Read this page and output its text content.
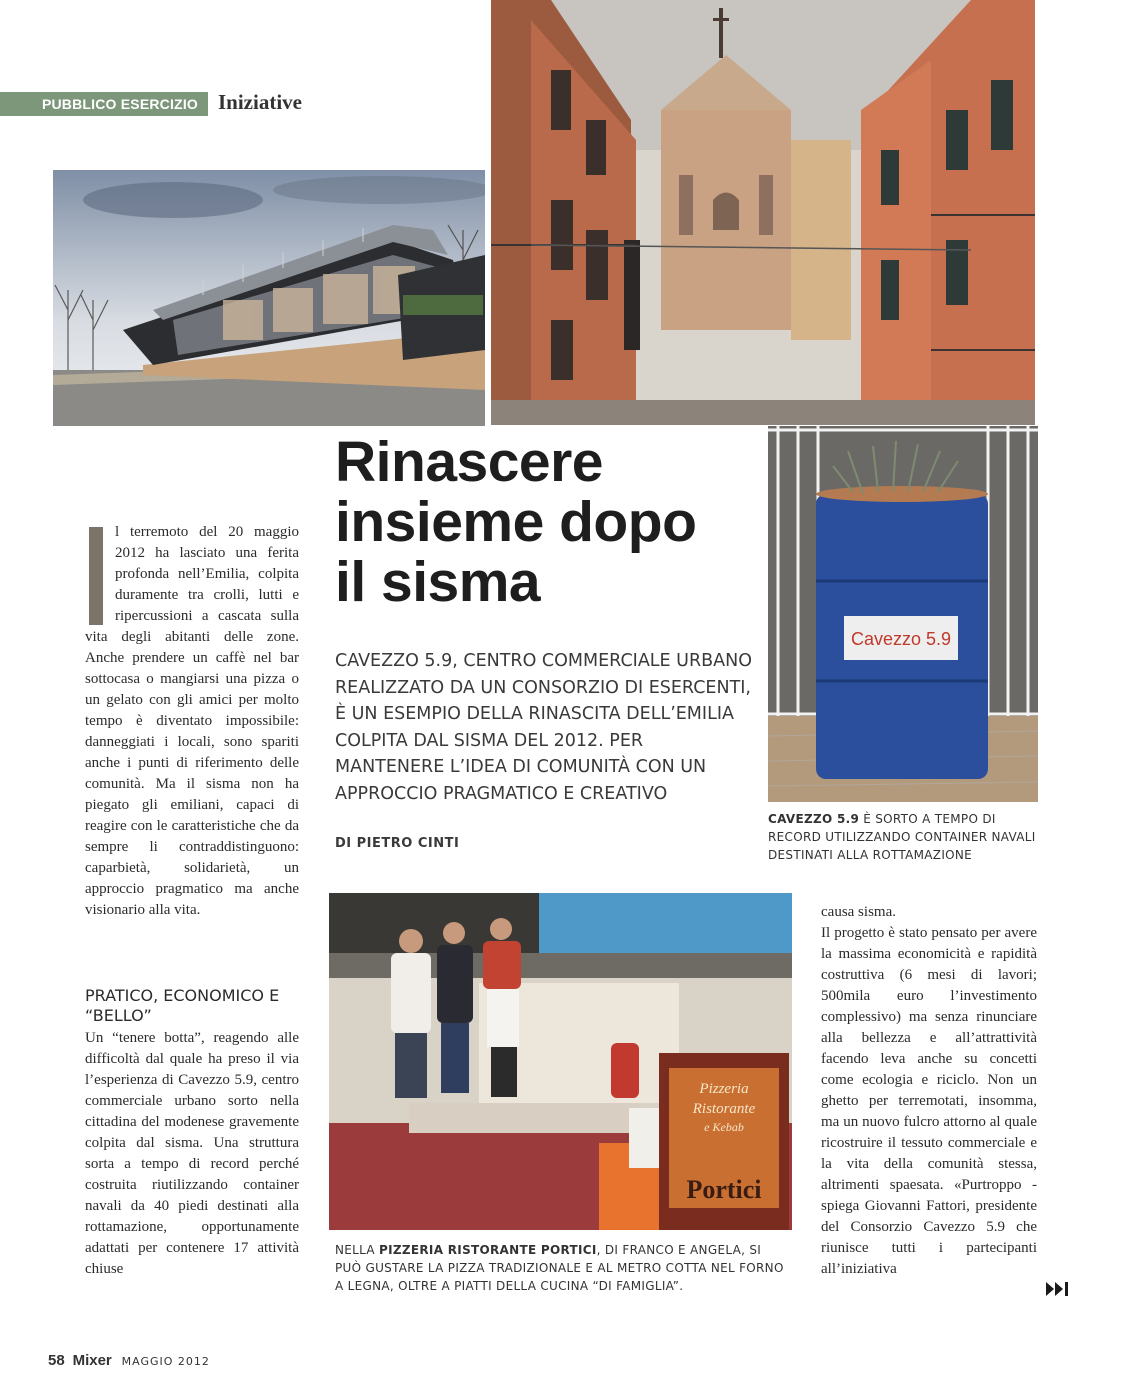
PUBBLICO ESERCIZIO Iniziative
Cavezzo 5.9
Pizzeria
Ristorante
e Kebab
Portici
Rinascere
insieme dopo
il sisma
CAVEZZO 5.9, CENTRO COMMERCIALE URBANO REALIZZATO DA UN CONSORZIO DI ESERCENTI, È UN ESEMPIO DELLA RINASCITA DELL’EMILIA COLPITA DAL SISMA DEL 2012. PER MANTENERE L’IDEA DI COMUNITÀ CON UN APPROCCIO PRAGMATICO E CREATIVO
DI PIETRO CINTI
l terremoto del 20 maggio 2012 ha lasciato una ferita profonda nell’Emilia, colpita duramente tra crolli, lutti e ripercussioni a cascata sulla vita degli abitanti delle zone. Anche prendere un caffè nel bar sottocasa o mangiarsi una pizza o un gelato con gli amici per molto tempo è diventato impossibile: danneggiati i locali, sono spariti anche i punti di riferimento delle comunità. Ma il sisma non ha piegato gli emiliani, capaci di reagire con le caratteristiche che da sempre li contraddistinguono: caparbietà, solidarietà, un approccio pragmatico ma anche visionario alla vita.
PRATICO, ECONOMICO E “BELLO”
Un “tenere botta”, reagendo alle difficoltà dal quale ha preso il via l’esperienza di Cavezzo 5.9, centro commerciale urbano sorto nella cittadina del modenese gravemente colpita dal sisma. Una struttura sorta a tempo di record perché costruita riutilizzando container navali da 40 piedi destinati alla rottamazione, opportunamente adattati per contenere 17 attività chiuse
CAVEZZO 5.9 È SORTO A TEMPO DI RECORD UTILIZZANDO CONTAINER NAVALI DESTINATI ALLA ROTTAMAZIONE
NELLA PIZZERIA RISTORANTE PORTICI, DI FRANCO E ANGELA, SI PUÒ GUSTARE LA PIZZA TRADIZIONALE E AL METRO COTTA NEL FORNO A LEGNA, OLTRE A PIATTI DELLA CUCINA “DI FAMIGLIA”.

causa sisma.

Il progetto è stato pensato per avere la massima economicità e rapidità costruttiva (6 mesi di lavori; 500mila euro l’investimento complessivo) ma senza rinunciare alla bellezza e all’attrattività facendo leva anche su concetti come ecologia e riciclo. Non un ghetto per terremotati, insomma, ma un nuovo fulcro attorno al quale ricostruire il tessuto commerciale e la vita della comunità stessa, altrimenti spaesata. «Purtroppo - spiega Giovanni Fattori, presidente del Consorzio Cavezzo 5.9 che riunisce tutti i partecipanti all’iniziativa

58 Mixer MAGGIO 2012
